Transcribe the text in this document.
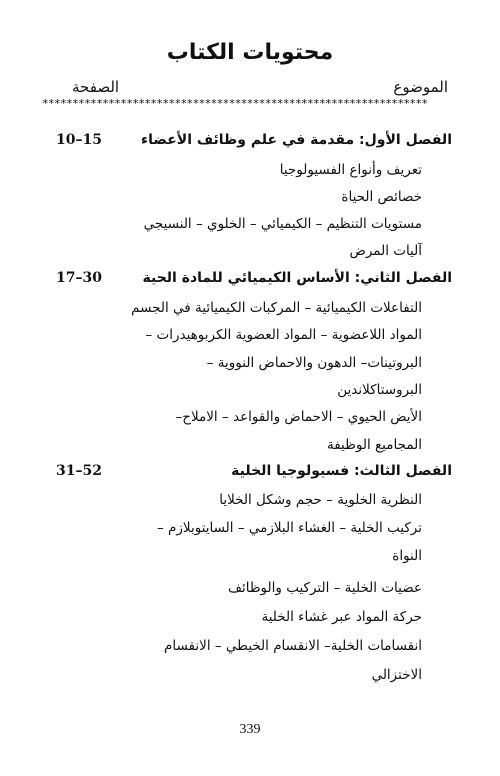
محتويات الكتاب
الموضوع
الصفحة
****************************************************************
الفصل الأول: مقدمة في علم وظائف الأعضاء
10–15
تعريف وأنواع الفسيولوجيا
خصائص الحياة
مستويات التنظيم – الكيميائي – الخلوي – النسيجي
آليات المرض
الفصل الثاني: الأساس الكيميائي للمادة الحية
17–30
التفاعلات الكيميائية – المركبات الكيميائية في الجسم
المواد اللاعضوية – المواد العضوية الكربوهيدرات –
البروتينات– الدهون والاحماض النووية –
البروستاكلاندين
الأيض الحيوي – الاحماض والقواعد – الاملاح–
المجاميع الوظيفة
الفصل الثالث: فسيولوجيا الخلية
31–52
النظرية الخلوية – حجم وشكل الخلايا
تركيب الخلية – الغشاء البلازمي – السايتوبلازم –
النواة
عضيات الخلية – التركيب والوظائف
حركة المواد عبر غشاء الخلية
انقسامات الخلية– الانقسام الخيطي – الانقسام
الاختزالي
339
